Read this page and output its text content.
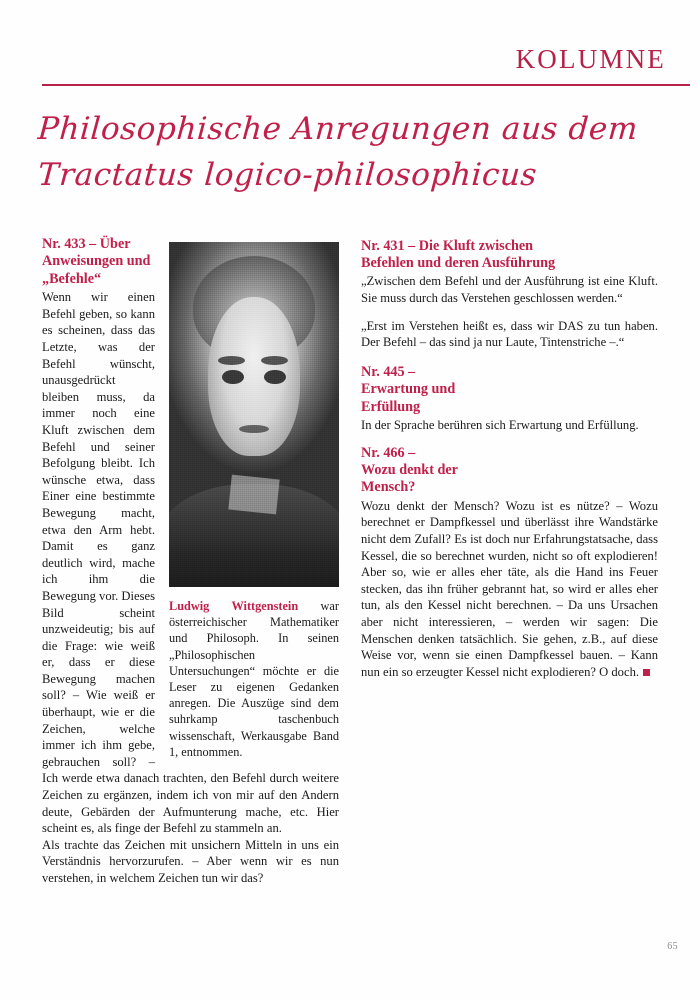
KOLUMNE
Philosophische Anregungen aus dem
Tractatus logico-philosophicus
Ludwig Wittgenstein war österreichischer Mathematiker und Philosoph. In seinen „Philosophischen Untersuchungen“ möchte er die Leser zu eigenen Gedanken anregen. Die Auszüge sind dem suhrkamp taschenbuch wissenschaft, Werkausgabe Band 1, entnommen.
Nr. 433 – Über
Anweisungen und
„Befehle“

Wenn wir einen Befehl geben, so kann es scheinen, dass das Letzte, was der Befehl wünscht, unausgedrückt bleiben muss, da immer noch eine Kluft zwischen dem Befehl und seiner Befolgung bleibt. Ich wünsche etwa, dass Einer eine bestimmte Bewegung macht, etwa den Arm hebt. Damit es ganz deutlich wird, mache ich ihm die Bewegung vor. Dieses Bild scheint unzweideutig; bis auf die Frage: wie weiß er, dass er diese Bewegung machen soll? – Wie weiß er überhaupt, wie er die Zeichen, welche immer ich ihm gebe, gebrauchen soll? – Ich werde etwa danach trachten, den Befehl durch weitere Zeichen zu ergänzen, indem ich von mir auf den Andern deute, Gebärden der Aufmunterung mache, etc. Hier scheint es, als finge der Befehl zu stammeln an.

Als trachte das Zeichen mit unsichern Mitteln in uns ein Verständnis hervorzurufen. – Aber wenn wir es nun verstehen, in welchem Zeichen tun wir das?

Nr. 431 – Die Kluft zwischen
Befehlen und deren Ausführung

„Zwischen dem Befehl und der Ausführung ist eine Kluft. Sie muss durch das Verstehen geschlossen werden.“

„Erst im Verstehen heißt es, dass wir DAS zu tun haben. Der Befehl – das sind ja nur Laute, Tintenstriche –.“

Nr. 445 –
Erwartung und
Erfüllung

In der Sprache berühren sich Erwartung und Erfüllung.

Nr. 466 –
Wozu denkt der
Mensch?

Wozu denkt der Mensch? Wozu ist es nütze? – Wozu berechnet er Dampfkessel und überlässt ihre Wandstärke nicht dem Zufall? Es ist doch nur Erfahrungstatsache, dass Kessel, die so berechnet wurden, nicht so oft explodieren! Aber so, wie er alles eher täte, als die Hand ins Feuer stecken, das ihn früher gebrannt hat, so wird er alles eher tun, als den Kessel nicht berechnen. – Da uns Ursachen aber nicht interessieren, – werden wir sagen: Die Menschen denken tatsächlich. Sie gehen, z.B., auf diese Weise vor, wenn sie einen Dampfkessel bauen. – Kann nun ein so erzeugter Kessel nicht explodieren? O doch.

65
